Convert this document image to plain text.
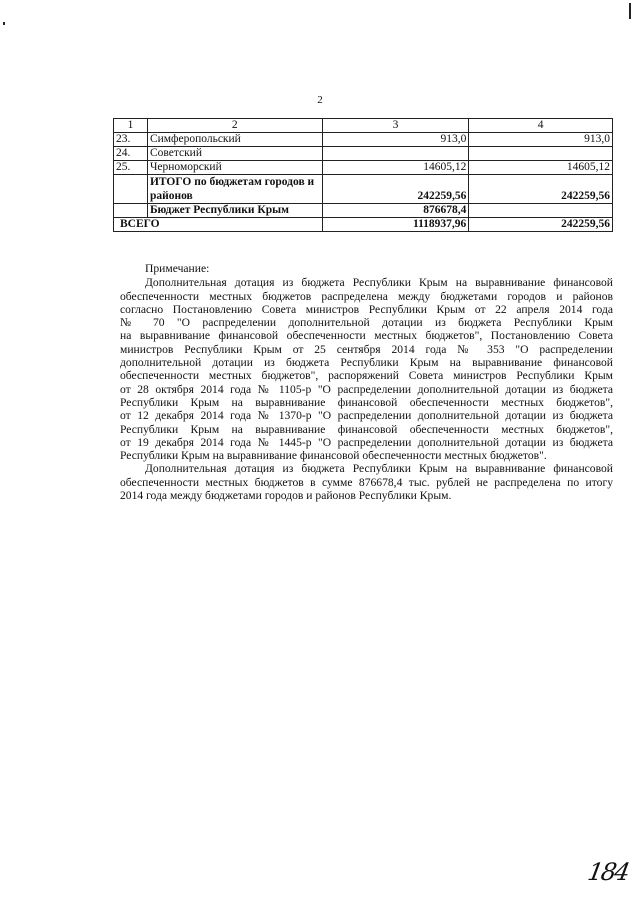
2
1	2	3	4
23.	Симферопольский	913,0	913,0
24.	Советский		
25.	Черноморский	14605,12	14605,12
	ИТОГО по бюджетам городов и районов	242259,56	242259,56
	Бюджет Республики Крым	876678,4	
ВСЕГО		1118937,96	242259,56
Примечание:
Дополнительная дотация из бюджета Республики Крым на выравнивание финансовой
обеспеченности местных бюджетов распределена между бюджетами городов и районов
согласно Постановлению Совета министров Республики Крым от 22 апреля 2014 года
№ 70 "О распределении дополнительной дотации из бюджета Республики Крым
на выравнивание финансовой обеспеченности местных бюджетов", Постановлению Совета
министров Республики Крым от 25 сентября 2014 года № 353 "О распределении
дополнительной дотации из бюджета Республики Крым на выравнивание финансовой
обеспеченности местных бюджетов", распоряжений Совета министров Республики Крым
от 28 октября 2014 года № 1105-р "О распределении дополнительной дотации из бюджета
Республики Крым на выравнивание финансовой обеспеченности местных бюджетов",
от 12 декабря 2014 года № 1370-р "О распределении дополнительной дотации из бюджета
Республики Крым на выравнивание финансовой обеспеченности местных бюджетов",
от 19 декабря 2014 года № 1445-р "О распределении дополнительной дотации из бюджета
Республики Крым на выравнивание финансовой обеспеченности местных бюджетов".
Дополнительная дотация из бюджета Республики Крым на выравнивание финансовой
обеспеченности местных бюджетов в сумме 876678,4 тыс. рублей не распределена по итогу
2014 года между бюджетами городов и районов Республики Крым.
184
